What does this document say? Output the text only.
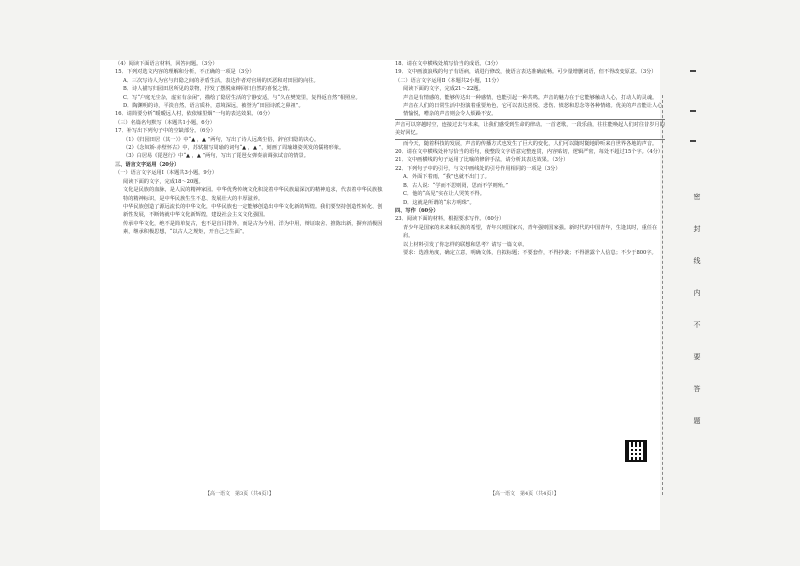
（4）阅读下面语言材料，回答问题。（3分）

15．下列对选文内容的理解和分析，不正确的一项是（3分）

A．三次写诗人为官与归隐之间的矛盾生活，表达作者对官场的厌恶和对田园的向往。

B．诗人描写归园田居所见的景物，抒发了摆脱束缚回归自然的喜悦之情。

C．写“户庭无尘杂，虚室有余闲”，描绘了隐居生活的宁静安适，与“久在樊笼里，复得返自然”相照应。

D．陶渊明的诗，平淡自然，语言质朴，意境深远，被誉为“田园诗派之鼻祖”。

16．请简要分析“暧暧远人村，依依墟里烟”一句的表达效果。（6分）

（三）名篇名句默写（本题共1小题，6分）

17．补写出下列句子中的空缺部分。（6分）

（1）《归园田居（其一）》中“▲ ，▲ ”两句，写出了诗人远离尘俗，辞官归隐的决心。

（2）《念奴娇·赤壁怀古》中，苏轼描写周瑜的词句“▲ ，▲ ”，刻画了周瑜雄姿英发的儒将形象。

（3）白居易《琵琶行》中“▲ ，▲ ”两句，写出了琵琶女弹奏前调弦试音的情景。

三、语言文字运用（20分）

（一）语言文字运用Ⅰ（本题共3小题，9分）

阅读下面的文字，完成18～20题。

文化是民族的血脉，是人民的精神家园。中华优秀传统文化积淀着中华民族最深沉的精神追求，代表着中华民族独特的精神标识，是中华民族生生不息、发展壮大的丰厚滋养。

中华民族创造了源远流长的中华文化，中华民族也一定能够创造出中华文化新的辉煌。我们要坚持创造性转化、创新性发展，不断铸就中华文化新辉煌，建设社会主义文化强国。

传承中华文化，绝不是简单复古，也不是盲目排外，而是古为今用、洋为中用，辩证取舍、推陈出新，摒弃消极因素，继承积极思想，“以古人之规矩，开自己之生面”。

18．请在文中横线处填写恰当的成语。（3分）

19．文中画波浪线的句子有语病，请进行修改，使语言表达准确流畅。可少量增删词语，但不得改变原意。（3分）

（二）语言文字运用Ⅱ（本题共2小题，11分）

阅读下面的文字，完成21～22题。

声音是有情感的，能够传达出一种感情，也能引起一种共鸣。声音的魅力在于它能够触动人心，打动人的灵魂。

声音在人们的日常生活中扮演着重要角色，它可以表达喜悦、悲伤、愤怒和思念等各种情绪。优美的声音能让人心情愉悦，嘈杂的声音则会令人烦躁不安。

声音可以穿越时空，连接过去与未来，让我们感受到生命的律动。一首老歌，一段乐曲，往往能唤起人们对往昔岁月的美好回忆。

而今天，随着科技的发展，声音的传播方式也发生了巨大的变化，人们可以随时随地聆听来自世界各地的声音。

20．请在文中横线处补写恰当的语句，使整段文字语意完整连贯，内容贴切，逻辑严密，每处不超过15个字。（4分）

21．文中画横线的句子运用了比喻的修辞手法，请分析其表达效果。（3分）

22．下列句子中的引号，与文中画线处的引号作用相同的一项是（3分）

A．外面下着雨，“我”也就不出门了。

B．古人说：“学而不思则罔，思而不学则殆。”

C．他的“高见”实在让人哭笑不得。

D．这就是所谓的“东方明珠”。

四、写作（60分）

23．阅读下面的材料，根据要求写作。（60分）

青少年是国家的未来和民族的希望，青年兴则国家兴，青年强则国家强。新时代的中国青年，生逢其时，重任在肩。

以上材料引发了你怎样的联想和思考？请写一篇文章。

要求：选准角度，确定立意，明确文体，自拟标题；不要套作，不得抄袭；不得泄露个人信息；不少于800字。

【高一语文　第3页（共4页）】	【高一语文　第4页（共4页）】
密
封
线
内
不
要
答
题
